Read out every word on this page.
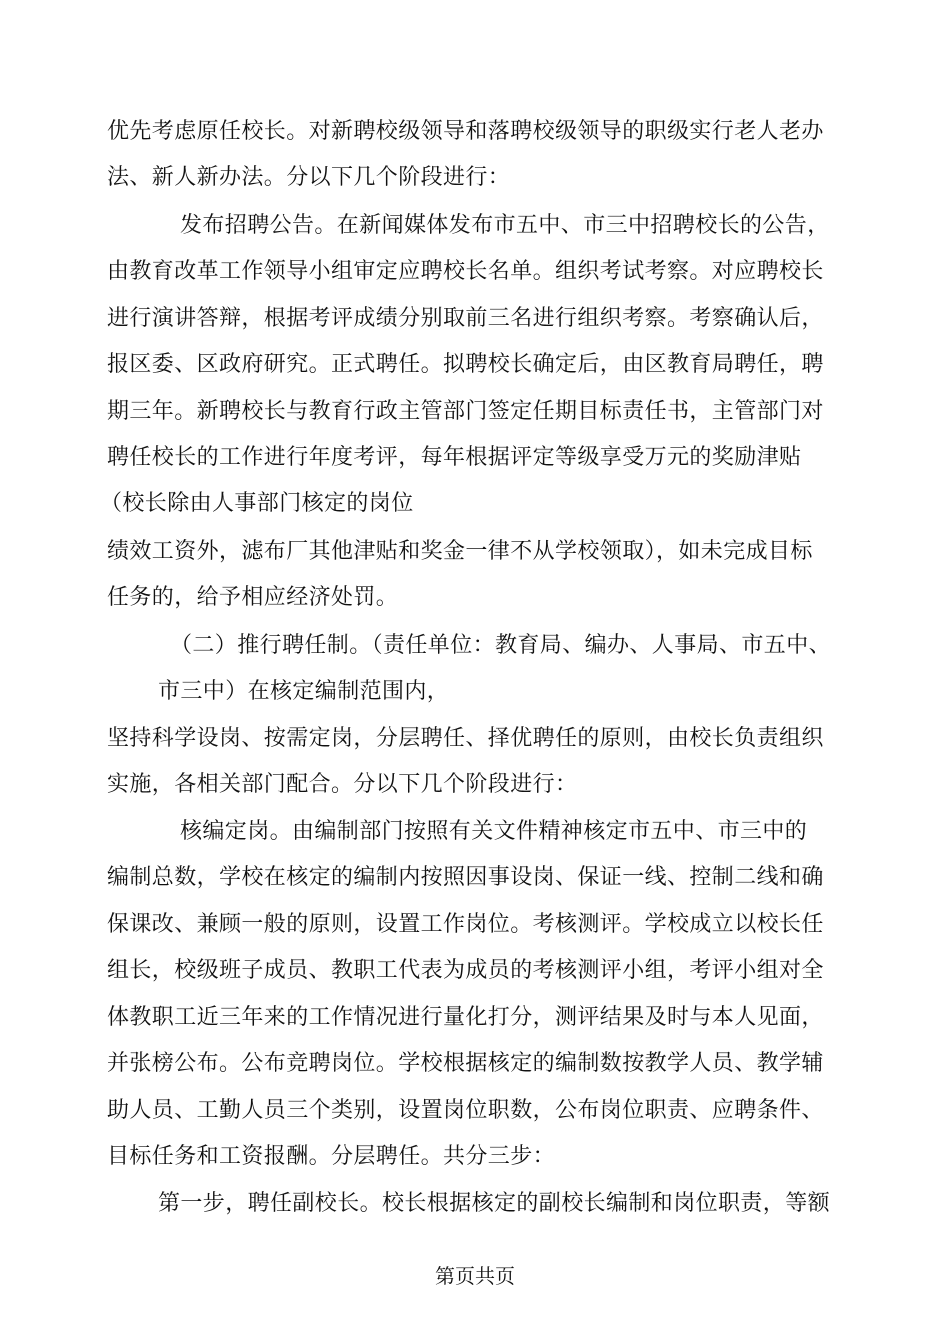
优先考虑原任校长。对新聘校级领导和落聘校级领导的职级实行老人老办
法、新人新办法。分以下几个阶段进行：
发布招聘公告。在新闻媒体发布市五中、市三中招聘校长的公告，
由教育改革工作领导小组审定应聘校长名单。组织考试考察。对应聘校长
进行演讲答辩，根据考评成绩分别取前三名进行组织考察。考察确认后，
报区委、区政府研究。正式聘任。拟聘校长确定后，由区教育局聘任，聘
期三年。新聘校长与教育行政主管部门签定任期目标责任书，主管部门对
聘任校长的工作进行年度考评，每年根据评定等级享受万元的奖励津贴
（校长除由人事部门核定的岗位
绩效工资外，滤布厂其他津贴和奖金一律不从学校领取），如未完成目标
任务的，给予相应经济处罚。
（二）推行聘任制。（责任单位：教育局、编办、人事局、市五中、
市三中）在核定编制范围内，
坚持科学设岗、按需定岗，分层聘任、择优聘任的原则，由校长负责组织
实施，各相关部门配合。分以下几个阶段进行：
核编定岗。由编制部门按照有关文件精神核定市五中、市三中的
编制总数，学校在核定的编制内按照因事设岗、保证一线、控制二线和确
保课改、兼顾一般的原则，设置工作岗位。考核测评。学校成立以校长任
组长，校级班子成员、教职工代表为成员的考核测评小组，考评小组对全
体教职工近三年来的工作情况进行量化打分，测评结果及时与本人见面，
并张榜公布。公布竞聘岗位。学校根据核定的编制数按教学人员、教学辅
助人员、工勤人员三个类别，设置岗位职数，公布岗位职责、应聘条件、
目标任务和工资报酬。分层聘任。共分三步：
第一步，聘任副校长。校长根据核定的副校长编制和岗位职责，等额
第页共页
